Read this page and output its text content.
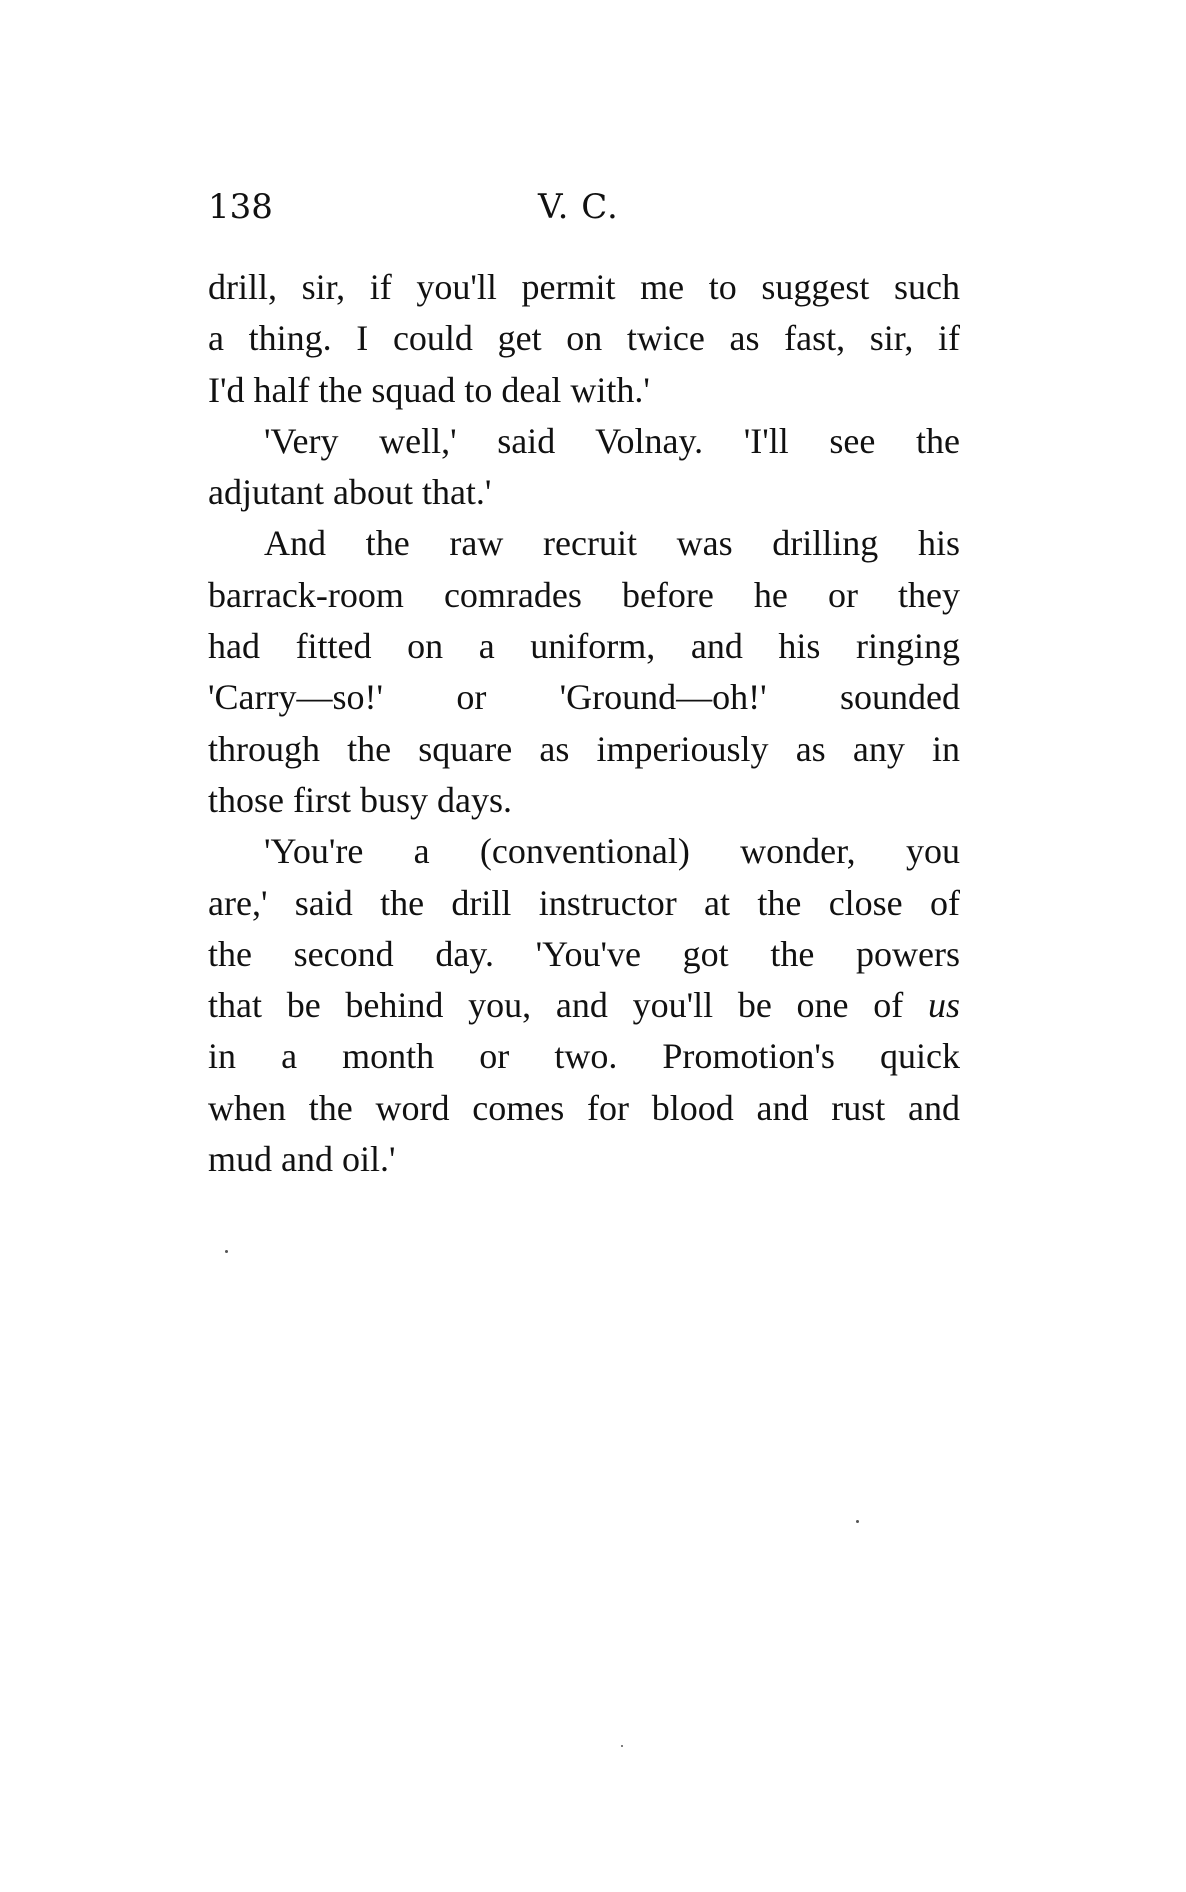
138	V. C.

drill, sir, if you'll permit me to suggest such
a thing. I could get on twice as fast, sir, if
I'd half the squad to deal with.'

'Very well,' said Volnay. 'I'll see the
adjutant about that.'

And the raw recruit was drilling his
barrack-room comrades before he or they
had fitted on a uniform, and his ringing
'Carry—so!' or 'Ground—oh!' sounded
through the square as imperiously as any in
those first busy days.

'You're a (conventional) wonder, you
are,' said the drill instructor at the close of
the second day. 'You've got the powers
that be behind you, and you'll be one of us
in a month or two. Promotion's quick
when the word comes for blood and rust and
mud and oil.'
